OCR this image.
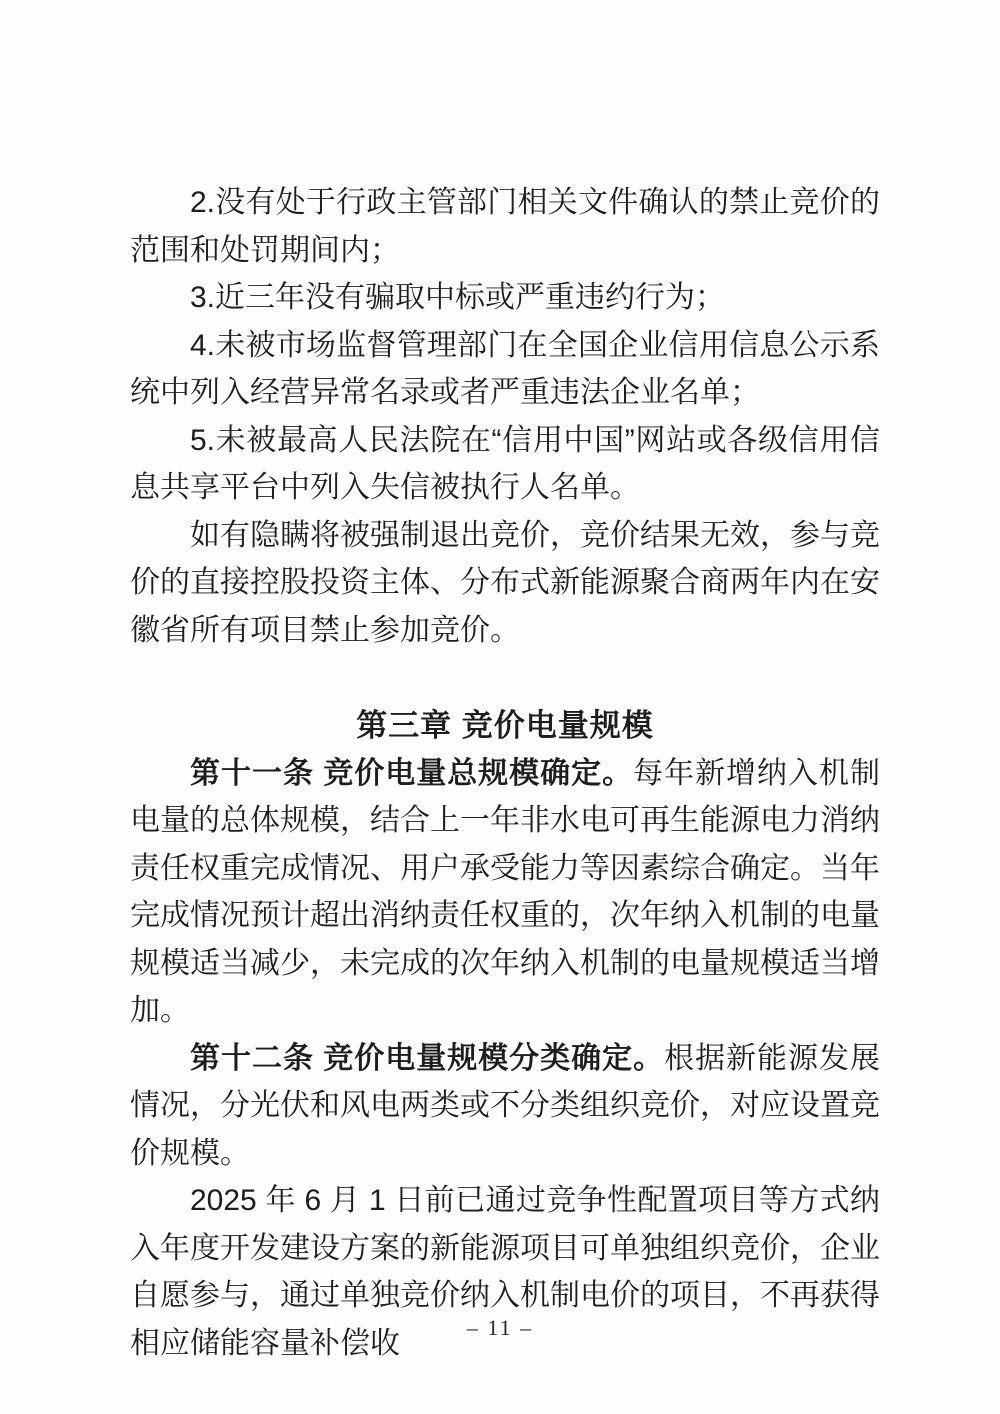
2.没有处于行政主管部门相关文件确认的禁止竞价的范围和处罚期间内；

3.近三年没有骗取中标或严重违约行为；

4.未被市场监督管理部门在全国企业信用信息公示系统中列入经营异常名录或者严重违法企业名单；

5.未被最高人民法院在“信用中国”网站或各级信用信息共享平台中列入失信被执行人名单。

如有隐瞒将被强制退出竞价，竞价结果无效，参与竞价的直接控股投资主体、分布式新能源聚合商两年内在安徽省所有项目禁止参加竞价。

第三章 竞价电量规模

第十一条 竞价电量总规模确定。每年新增纳入机制电量的总体规模，结合上一年非水电可再生能源电力消纳责任权重完成情况、用户承受能力等因素综合确定。当年完成情况预计超出消纳责任权重的，次年纳入机制的电量规模适当减少，未完成的次年纳入机制的电量规模适当增加。

第十二条 竞价电量规模分类确定。根据新能源发展情况，分光伏和风电两类或不分类组织竞价，对应设置竞价规模。

2025 年 6 月 1 日前已通过竞争性配置项目等方式纳入年度开发建设方案的新能源项目可单独组织竞价，企业自愿参与，通过单独竞价纳入机制电价的项目，不再获得相应储能容量补偿收	– 11 –
